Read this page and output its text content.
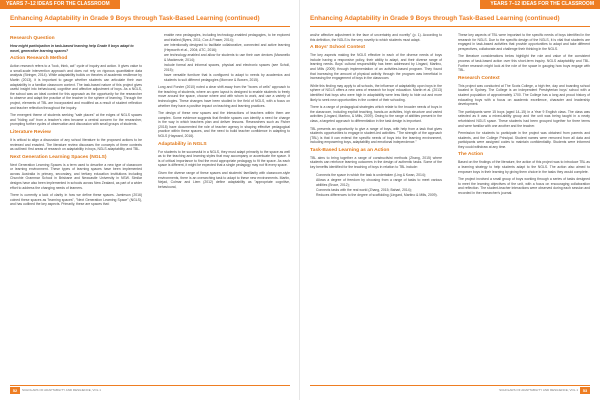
YEARS 7–12 IDEAS FOR THE CLASSROOM
Enhancing Adaptability in Grade 9 Boys through Task-Based Learning (continued)
Research Question
How might participation in task-based learning help Grade 9 boys adapt to novel, generative learning spaces?
Action Research Method
Action research refers to a "look, think, act" cycle of inquiry and action. It gives value to a small-scale intervention approach and does not rely on rigorous quantitative data analysis (Stringer, 2014). While adaptability builds on theories of academic resilience by Martin (2013), it is important to gauge whether students can articulate their own adaptability in a familiar classroom context. The task-based nature of this project gives useful insight into behavioural, cognitive and affective adjustment of boys. As a NGLS, the school was an ideal context for this approach as the opportunity for the researcher to observe and adapt the practice of the teacher in the sphere of learning. Through the project, elements of TBL are incorporated and modified as a result of student reflection and teacher reflection throughout the inquiry.
The emergent theme of students seeking "safe places" at the edges of NGLS spaces and "hiding out" from a teacher's view became a central concern for the researcher, prompting further cycles of observation and discussion with small groups of students.
Literature Review
It is critical to align a discussion of any school literature to the proposed actions to be reviewed and enacted. The literature review discusses the concepts of three contexts as outlined: first areas of research on adaptability in boys, NGLS adaptability, and TBL.
Next Generation Learning Spaces (NGLS)
Next Generation Learning Spaces is a term used to describe a new type of classroom or learning environment. These types of learning spaces have been implemented across Australia in primary, secondary, and tertiary education institutions including Churchie Grammar School in Brisbane and Newcastle University in NSW. Similar designs have also been implemented in schools across New Zealand, as part of a wider effort to address the changing needs of learners.
There is currently a lack of clarity in how we define these spaces. Jamieson (2016) coined these spaces as "learning spaces", "Next Generation Learning Space" (NGLS), and has outlined the key aspects. Primarily, these are spaces that:
• enable new pedagogies, including technology-enabled pedagogies, to be explored and trialled (Byers, 2011; Cox & Fraser, 2014);
• are intentionally designed to facilitate collaborative, connected and active learning (Hepworth et al., 2004; ATC, 2016);
• are technology-enabled and allow for students to use their own devices (Maranello & Mackenzie, 2014);
• include formal and informal spaces, physical and electronic spaces (see Scholl, 2015);
• have versatile furniture that is configured to adapt to needs by academics and students to suit different pedagogies (Morrone & Bowen, 2015).
Long and Forster (2010) noted a clear shift away from the "boxes of cells" approach to the teaching of students, where an open layout is designed to enable students to freely move around the space, choose where and with whom to work, and use a variety of technologies. These changes have been studied in the field of NGLS, with a focus on whether they have a positive impact on teaching and learning practices.
The design of these new spaces and the interactions of teachers within them are complex. Some evidence suggests that flexible spaces can identify a need for change in the way in which teachers plan and deliver lessons. Researchers such as Fisher (2018) have documented the role of teacher agency in shaping effective pedagogical practice within these spaces, and the need to build teacher confidence in adapting to NGLS (Hayward, 2016).
Adaptability in NGLS
For students to be successful in a NGLS, they must adapt primarily to the space as well as to the teaching and learning styles that may accompany or accentuate the space. It is of critical importance to find the most appropriate pedagogy to fit the space. As each space is different, it might be expected that a single pedagogy may not fit every space.
Given the diverse range of these spaces and students' familiarity with classroom-style environments, there is an overarching task to adapt to these new environments. Martin, Nejad, Colmar and Liem (2012) define adaptability as "appropriate cognitive, behavioural,
52	SCHOLARS OF ADAPTABILITY AND RESILIENCE, VOL.1
YEARS 7–12 IDEAS FOR THE CLASSROOM
Enhancing Adaptability in Grade 9 Boys through Task-Based Learning (continued)
and/or affective adjustment in the face of uncertainty and novelty" (p. 1). According to this definition, the NGLS is the very novelty to which students must adapt.
A Boys' School Context
The key aspects making the NGLS effective in each of the diverse needs of boys include having a responsive policy, their ability to adapt, and their diverse range of learning needs. Boys' cultural responsibility has been addressed by Lingard, Martino, and Mills (2009) through implementation of an activities-based program. They found that increasing the amount of physical activity through the program was beneficial in increasing the engagement of boys in the classroom.
While this finding may apply to all schools, the influence of adaptability upon boys in the sphere of NGLS offers a new area of research for boys' education. Martin et al. (2013) identified that boys who were high in adaptability were less likely to hide out and more likely to seek new opportunities in the context of their schooling.
There is a range of pedagogical strategies which relate to the broader needs of boys in the classroom, including explicit teaching, hands-on activities, high structure and varied activities (Lingard, Martino, & Mills, 2009). Owing to the range of abilities present in the class, a targeted approach to differentiation in the task design is important.
TBL presents an opportunity to give a range of boys, with help from a task that gives students opportunities to engage in student-led activities. "The strength of the approach (TBL) is that it can extend the specific needs of boys into the learning environment, including empowering boys, adaptability and emotional independence."
Task-Based Learning as an Action
TBL aims to bring together a range of constructivist methods (Zhang, 2015) where students can reinforce learning outcomes in the design of authentic tasks. Some of the key benefits identified for the teaching of boys in relation to TBL include:
• Connects the space in which the task is undertaken (Ling & Kwan, 2014);
• Allows a degree of freedom by choosing from a range of tasks to meet various abilities (Bruce, 2012);
• Connects tasks with the real world (Zhang, 2015; Bahari, 2014);
• Reduces differences to the degree of scaffolding (Lingard, Martino & Mills, 2009).
These key aspects of TBL were important to the specific needs of boys identified in the research for NGLS. Due to the specific design of the NGLS, it is vital that students are engaged in task-based activities that provide opportunities to adapt and take different perspectives, collaborate and challenge their thinking in the NGLS.
The literature considerations below highlight the role and value of the consistent process of task-based action over this short-term inquiry. NGLS adaptability and TBL. Further research might look at the role of the space in gauging how boys engage with TBL.
Research Context
This project was conducted at The Scots College, a high fee, day and boarding school located in Sydney. The College is an independent Presbyterian boys' school with a student population of approximately 1700. The College has a long and proud history of educating boys with a focus on academic excellence, character and leadership development.
The participants were 15 boys (aged 14–15) in a Year 9 English class. The class was selected as it was a mixed-ability group and the unit was being taught in a newly refurbished NGLS space. These students had been grouped together for three terms and were familiar with one another and the teacher.
Permission for students to participate in the project was obtained from parents and students, and the College Principal. Student names were removed from all data and participants were assigned codes to maintain confidentiality. Students were informed they could withdraw at any time.
The Action
Based on the findings of the literature, the action of this project was to introduce TBL as a learning strategy to help students adapt to the NGLS. The action also aimed to empower boys in their learning by giving them choice in the tasks they would complete.
The project involved a small group of boys working through a series of tasks designed to meet the learning objectives of the unit, with a focus on encouraging collaboration and reflection. The student-teacher interactions were observed during each session and recorded in the researcher's journal.
53
SCHOLARS OF ADAPTABILITY AND RESILIENCE, VOL.1
